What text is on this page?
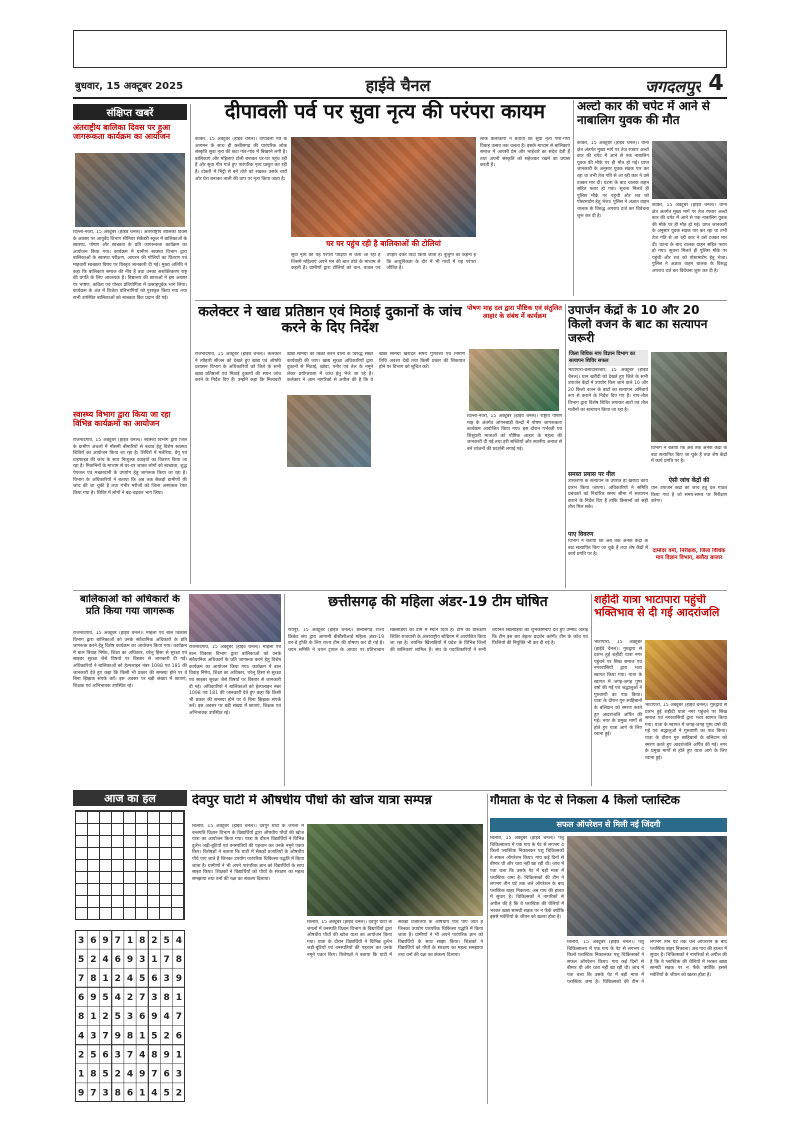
बुधवार, 15 अक्टूबर 2025	हाईवे चैनल	जगदलपुर 4
संक्षिप्त खबरें
अंतराष्ट्रीय बालिका दिवस पर हुआ जागरूकता कार्यक्रम का आयोजन
दिल्ली-नेवरा, 15 अक्टूबर (हाईवे चैनल)। अंतरराष्ट्रीय बालिका दिवस के अवसर पर आयुर्वेद विभाग सीनियर सेकेंडरी स्कूल में बालिकाओं के स्वास्थ्य, पोषण और स्वच्छता के प्रति जागरूकता कार्यक्रम का आयोजन किया गया। कार्यक्रम में ग्रामीण स्वास्थ्य विभाग द्वारा बालिकाओं के स्वास्थ्य परीक्षण, आयरन की गोलियों का वितरण एवं माहवारी स्वच्छता विषय पर विस्तृत जानकारी दी गई। मुख्य अतिथि ने कहा कि बालिकाएं समाज की नींव हैं तथा उनका सशक्तिकरण राष्ट्र की प्रगति के लिए आवश्यक है। विद्यालय की छात्राओं ने इस अवसर पर भाषण, कविता एवं पोस्टर प्रतियोगिता में उत्साहपूर्वक भाग लिया। कार्यक्रम के अंत में विजेता प्रतिभागियों को पुरस्कृत किया गया तथा सभी उपस्थित बालिकाओं को स्वच्छता किट प्रदान की गई।
स्वास्थ्य विभाग द्वारा किया जा रहा विभिन्न कार्यक्रमों का आयोजन
राजनांदगांव, 15 अक्टूबर (हाईवे चैनल)। स्वास्थ्य विभाग द्वारा जिले के ग्रामीण अंचलों में मौसमी बीमारियों से बचाव हेतु विशेष स्वास्थ्य शिविरों का आयोजन किया जा रहा है। शिविरों में मलेरिया, डेंगू एवं टाइफाइड की जांच के साथ निःशुल्क दवाइयों का वितरण किया जा रहा है। मितानिनों के माध्यम से घर-घर जाकर लोगों को स्वच्छता, शुद्ध पेयजल एवं मच्छरदानी के उपयोग हेतु जागरूक किया जा रहा है। विभाग के अधिकारियों ने बताया कि अब तक सैकड़ों ग्रामीणों की जांच की जा चुकी है तथा गंभीर मरीजों को जिला अस्पताल रेफर किया गया है। शिविर में लोगों ने बढ़-चढ़कर भाग लिया।
दीपावली पर्व पर सुवा नृत्य की परंपरा कायम
घर घर पहुंच रही है बालिकाओं की टोलियां
कांकेर, 15 अक्टूबर (हाईवे चैनल)। दीपावली पर्व के आगमन के साथ ही छत्तीसगढ़ की पारंपरिक लोक संस्कृति सुवा नृत्य की छटा गांव-गांव में बिखरने लगी है। बालिकाएं और महिलाएं टोली बनाकर घर-घर पहुंच रही हैं और सुवा गीत गाते हुए पारंपरिक नृत्य प्रस्तुत कर रही हैं। टोकरी में मिट्टी से बने तोते को रखकर उसके चारों ओर घेरा बनाकर ताली की थाप पर नृत्य किया जाता है।
सुवा नृत्य की यह परंपरा पीढ़ियों से चली आ रही है जिसमें महिलाएं अपने मन की बात तोते के माध्यम से कहती हैं। ग्रामीणों द्वारा टोलियों को धान, चावल एवं उपहार देकर विदा किया जाता है। बुजुर्गों का कहना है कि आधुनिकता के दौर में भी गांवों में यह परंपरा जीवित है।
लोक कलाकारों ने बताया कि सुवा नृत्य गौरा-गौरी विवाह उत्सव तक चलता है। इसके माध्यम से बालिकाएं समाज में आपसी प्रेम और भाईचारे का संदेश देती हैं तथा अपनी संस्कृति को सहेजकर रखने का प्रयास करती हैं।
अल्टो कार की चपेट में आने से नाबालिग युवक की मौत
कांकेर, 15 अक्टूबर (हाईवे चैनल)। थाना क्षेत्र अंतर्गत मुख्य मार्ग पर तेज रफ्तार अल्टो कार की चपेट में आने से एक नाबालिग युवक की मौके पर ही मौत हो गई। प्राप्त जानकारी के अनुसार युवक सड़क पार कर रहा था तभी तेज गति से आ रही कार ने उसे टक्कर मार दी। घटना के बाद चालक वाहन सहित फरार हो गया। सूचना मिलते ही पुलिस मौके पर पहुंची और शव को पोस्टमार्टम हेतु भेजा। पुलिस ने अज्ञात वाहन चालक के विरुद्ध अपराध दर्ज कर विवेचना शुरू कर दी है।
कांकेर, 15 अक्टूबर (हाईवे चैनल)। थाना क्षेत्र अंतर्गत मुख्य मार्ग पर तेज रफ्तार अल्टो कार की चपेट में आने से एक नाबालिग युवक की मौके पर ही मौत हो गई। प्राप्त जानकारी के अनुसार युवक सड़क पार कर रहा था तभी तेज गति से आ रही कार ने उसे टक्कर मार दी। घटना के बाद चालक वाहन सहित फरार हो गया। सूचना मिलते ही पुलिस मौके पर पहुंची और शव को पोस्टमार्टम हेतु भेजा। पुलिस ने अज्ञात वाहन चालक के विरुद्ध अपराध दर्ज कर विवेचना शुरू कर दी है।
कलेक्टर ने खाद्य प्रतिष्ठान एवं मिठाई दुकानों के जांच करने के दिए निर्देश
राजनांदगांव, 15 अक्टूबर (हाईवे चैनल)। कलेक्टर ने त्यौहारी सीजन को देखते हुए खाद्य एवं औषधि प्रशासन विभाग के अधिकारियों को जिले के सभी खाद्य प्रतिष्ठानों एवं मिठाई दुकानों की सघन जांच करने के निर्देश दिए हैं। उन्होंने कहा कि मिलावटी खाद्य सामग्री की बिक्री करने वालों के विरुद्ध सख्त कार्यवाही की जाए। खाद्य सुरक्षा अधिकारियों द्वारा दुकानों से मिठाई, खोवा, पनीर एवं तेल के नमूने लेकर प्रयोगशाला में जांच हेतु भेजे जा रहे हैं। कलेक्टर ने आम नागरिकों से अपील की है कि वे खाद्य सामग्री खरीदते समय गुणवत्ता एवं निर्माण तिथि अवश्य देखें तथा किसी प्रकार की शिकायत होने पर विभाग को सूचित करें।
पोषण माह दल द्वारा पौष्टिक एवं संतुलित आहार के संबंध में कार्यक्रम
दिल्ली-नेवरा, 15 अक्टूबर (हाईवे चैनल)। राष्ट्रीय पोषण माह के अंतर्गत आंगनबाड़ी केन्द्रों में पोषण जागरूकता कार्यक्रम आयोजित किया गया। इस दौरान गर्भवती एवं शिशुवती माताओं को पौष्टिक आहार के महत्व की जानकारी दी गई तथा हरी सब्जियों और स्थानीय अनाज से बने व्यंजनों की प्रदर्शनी लगाई गई।
उपार्जन केंद्रों के 10 और 20 किलो वजन के बाट का सत्यापन जरूरी
जिला विधिक माप विज्ञान विभाग का सत्यापन शिविर सफल
भाटापारा-बलौदाबाजार, 15 अक्टूबर (हाईवे चैनल)। धान खरीदी को देखते हुए जिले के सभी उपार्जन केंद्रों में उपयोग किए जाने वाले 10 और 20 किलो वजन के बाटों का सत्यापन अनिवार्य रूप से कराने के निर्देश दिए गए हैं। नाप-तौल विभाग द्वारा विशेष शिविर लगाकर बाटों एवं तौल मशीनों का सत्यापन किया जा रहा है।
समस्त प्रयास पर नील
उपकरणों के सत्यापन के उपरांत ही खरीदी कार्य प्रारंभ किया जाएगा। अधिकारियों ने समिति प्रबंधकों को निर्धारित समय सीमा में सत्यापन कराने के निर्देश दिए हैं ताकि किसानों को सही तौल मिल सके।
पाए विवरण
विभाग ने बताया कि अब तक अनेक केंद्रों के बाट सत्यापित किए जा चुके हैं तथा शेष केंद्रों में कार्य प्रगति पर है।
विभाग ने बताया कि अब तक अनेक केंद्रों के बाट सत्यापित किए जा चुके हैं तथा शेष केंद्रों में कार्य प्रगति पर है।
ऐसी जांच केंद्रों की
धान उपार्जन केंद्रों की जांच हेतु दल गठित किया गया है जो समय-समय पर निरीक्षण करेगा।
दामोदर वर्मा, निरीक्षक, जिला विधिक माप विज्ञान विभाग, बलौदा बाजार
बालिकाओं को अधिकारों के प्रति किया गया जागरूक
राजनांदगांव, 15 अक्टूबर (हाईवे चैनल)। महिला एवं बाल विकास विभाग द्वारा बालिकाओं को उनके संवैधानिक अधिकारों के प्रति जागरूक करने हेतु विशेष कार्यक्रम का आयोजन किया गया। कार्यक्रम में बाल विवाह निषेध, शिक्षा का अधिकार, घरेलू हिंसा से सुरक्षा एवं साइबर सुरक्षा जैसे विषयों पर विस्तार से जानकारी दी गई। अधिकारियों ने बालिकाओं को हेल्पलाइन नंबर 1098 एवं 181 की जानकारी देते हुए कहा कि किसी भी प्रकार की समस्या होने पर वे बिना झिझक संपर्क करें। इस अवसर पर बड़ी संख्या में छात्राएं, शिक्षक एवं अभिभावक उपस्थित रहे।
राजनांदगांव, 15 अक्टूबर (हाईवे चैनल)। महिला एवं बाल विकास विभाग द्वारा बालिकाओं को उनके संवैधानिक अधिकारों के प्रति जागरूक करने हेतु विशेष कार्यक्रम का आयोजन किया गया। कार्यक्रम में बाल विवाह निषेध, शिक्षा का अधिकार, घरेलू हिंसा से सुरक्षा एवं साइबर सुरक्षा जैसे विषयों पर विस्तार से जानकारी दी गई। अधिकारियों ने बालिकाओं को हेल्पलाइन नंबर 1098 एवं 181 की जानकारी देते हुए कहा कि किसी भी प्रकार की समस्या होने पर वे बिना झिझक संपर्क करें। इस अवसर पर बड़ी संख्या में छात्राएं, शिक्षक एवं अभिभावक उपस्थित रहे।
छत्तीसगढ़ की महिला अंडर-19 टीम घोषित
रायपुर, 15 अक्टूबर (हाईवे चैनल)। छत्तीसगढ़ राज्य क्रिकेट संघ द्वारा आगामी बीसीसीआई महिला अंडर-19 वन-डे ट्रॉफी के लिए राज्य टीम की घोषणा कर दी गई है। चयन समिति ने चयन ट्रायल के आधार पर प्रतिभावान खिलाड़ियों को टीम में स्थान दिया है। टीम का प्रशिक्षण शिविर राजधानी के अंतरराष्ट्रीय स्टेडियम में आयोजित किया जा रहा है। चयनित खिलाड़ियों में प्रदेश के विभिन्न जिलों की बालिकाएं शामिल हैं। संघ के पदाधिकारियों ने सभी चयनित खिलाड़ियों को शुभकामनाएं देते हुए उम्मीद जताई कि टीम इस बार बेहतर प्रदर्शन करेगी। टीम के कोच एवं फिजियो की नियुक्ति भी कर दी गई है।
शहीदी यात्रा भाटापारा पहुंची भक्तिभाव से दी गई आदरांजलि
भाटापारा, 15 अक्टूबर (हाईवे चैनल)। गुरुद्वारा से प्रारंभ हुई शहीदी यात्रा नगर पहुंचने पर सिख समाज एवं नगरवासियों द्वारा भव्य स्वागत किया गया। यात्रा के स्वागत में जगह-जगह पुष्प वर्षा की गई एवं श्रद्धालुओं ने गुरुवाणी का पाठ किया। यात्रा के दौरान गुरु साहिबानों के बलिदान को स्मरण करते हुए आदरांजलि अर्पित की गई। नगर के प्रमुख मार्गों से होते हुए यात्रा आगे के लिए रवाना हुई।
भाटापारा, 15 अक्टूबर (हाईवे चैनल)। गुरुद्वारा से प्रारंभ हुई शहीदी यात्रा नगर पहुंचने पर सिख समाज एवं नगरवासियों द्वारा भव्य स्वागत किया गया। यात्रा के स्वागत में जगह-जगह पुष्प वर्षा की गई एवं श्रद्धालुओं ने गुरुवाणी का पाठ किया। यात्रा के दौरान गुरु साहिबानों के बलिदान को स्मरण करते हुए आदरांजलि अर्पित की गई। नगर के प्रमुख मार्गों से होते हुए यात्रा आगे के लिए रवाना हुई।
आज का हल
3 6 9 7 1 8 2 5 4
5 2 4 6 9 3 1 7 8
7 8 1 2 4 5 6 3 9
6 9 5 4 2 7 3 8 1
8 1 2 5 3 6 9 4 7
4 3 7 9 8 1 5 2 6
2 5 6 3 7 4 8 9 1
1 8 5 2 4 9 7 6 3
9 7 3 8 6 1 4 5 2
देवपुर घाटी में औषधीय पौधों की खोज यात्रा सम्पन्न
बिलौरा, 15 अक्टूबर (हाईवे चैनल)। देवपुर घाटी के जंगलों में वनस्पति विज्ञान विभाग के विद्यार्थियों द्वारा औषधीय पौधों की खोज यात्रा का आयोजन किया गया। यात्रा के दौरान विद्यार्थियों ने विभिन्न दुर्लभ जड़ी-बूटियों एवं वनस्पतियों की पहचान कर उनके नमूने एकत्र किए। विशेषज्ञों ने बताया कि घाटी में सैकड़ों प्रजातियों के औषधीय पौधे पाए जाते हैं जिनका उपयोग पारंपरिक चिकित्सा पद्धति में किया जाता है। ग्रामीणों ने भी अपने पारंपरिक ज्ञान को विद्यार्थियों के साथ साझा किया। शिक्षकों ने विद्यार्थियों को पौधों के संरक्षण का महत्व समझाया तथा वनों की रक्षा का संकल्प दिलाया।
बिलौरा, 15 अक्टूबर (हाईवे चैनल)। देवपुर घाटी के जंगलों में वनस्पति विज्ञान विभाग के विद्यार्थियों द्वारा औषधीय पौधों की खोज यात्रा का आयोजन किया गया। यात्रा के दौरान विद्यार्थियों ने विभिन्न दुर्लभ जड़ी-बूटियों एवं वनस्पतियों की पहचान कर उनके नमूने एकत्र किए। विशेषज्ञों ने बताया कि घाटी में सैकड़ों प्रजातियों के औषधीय पौधे पाए जाते हैं जिनका उपयोग पारंपरिक चिकित्सा पद्धति में किया जाता है। ग्रामीणों ने भी अपने पारंपरिक ज्ञान को विद्यार्थियों के साथ साझा किया। शिक्षकों ने विद्यार्थियों को पौधों के संरक्षण का महत्व समझाया तथा वनों की रक्षा का संकल्प दिलाया।
गौमाता के पेट से निकला 4 किलो प्लास्टिक
सफल ऑपरेशन से मिली नई जिंदगी
बिलौरा, 15 अक्टूबर (हाईवे चैनल)। पशु चिकित्सालय में एक गाय के पेट से लगभग 4 किलो प्लास्टिक निकालकर पशु चिकित्सकों ने सफल ऑपरेशन किया। गाय कई दिनों से बीमार थी और चारा नहीं खा रही थी। जांच में पता चला कि उसके पेट में बड़ी मात्रा में प्लास्टिक जमा है। चिकित्सकों की टीम ने लगभग तीन घंटे तक चले ऑपरेशन के बाद प्लास्टिक बाहर निकाला। अब गाय की हालत में सुधार है। चिकित्सकों ने नागरिकों से अपील की है कि वे प्लास्टिक की थैलियों में भरकर खाद्य सामग्री सड़क पर न फेंकें क्योंकि इससे मवेशियों के जीवन को खतरा होता है।
बिलौरा, 15 अक्टूबर (हाईवे चैनल)। पशु चिकित्सालय में एक गाय के पेट से लगभग 4 किलो प्लास्टिक निकालकर पशु चिकित्सकों ने सफल ऑपरेशन किया। गाय कई दिनों से बीमार थी और चारा नहीं खा रही थी। जांच में पता चला कि उसके पेट में बड़ी मात्रा में प्लास्टिक जमा है। चिकित्सकों की टीम ने लगभग तीन घंटे तक चले ऑपरेशन के बाद प्लास्टिक बाहर निकाला। अब गाय की हालत में सुधार है। चिकित्सकों ने नागरिकों से अपील की है कि वे प्लास्टिक की थैलियों में भरकर खाद्य सामग्री सड़क पर न फेंकें क्योंकि इससे मवेशियों के जीवन को खतरा होता है।
